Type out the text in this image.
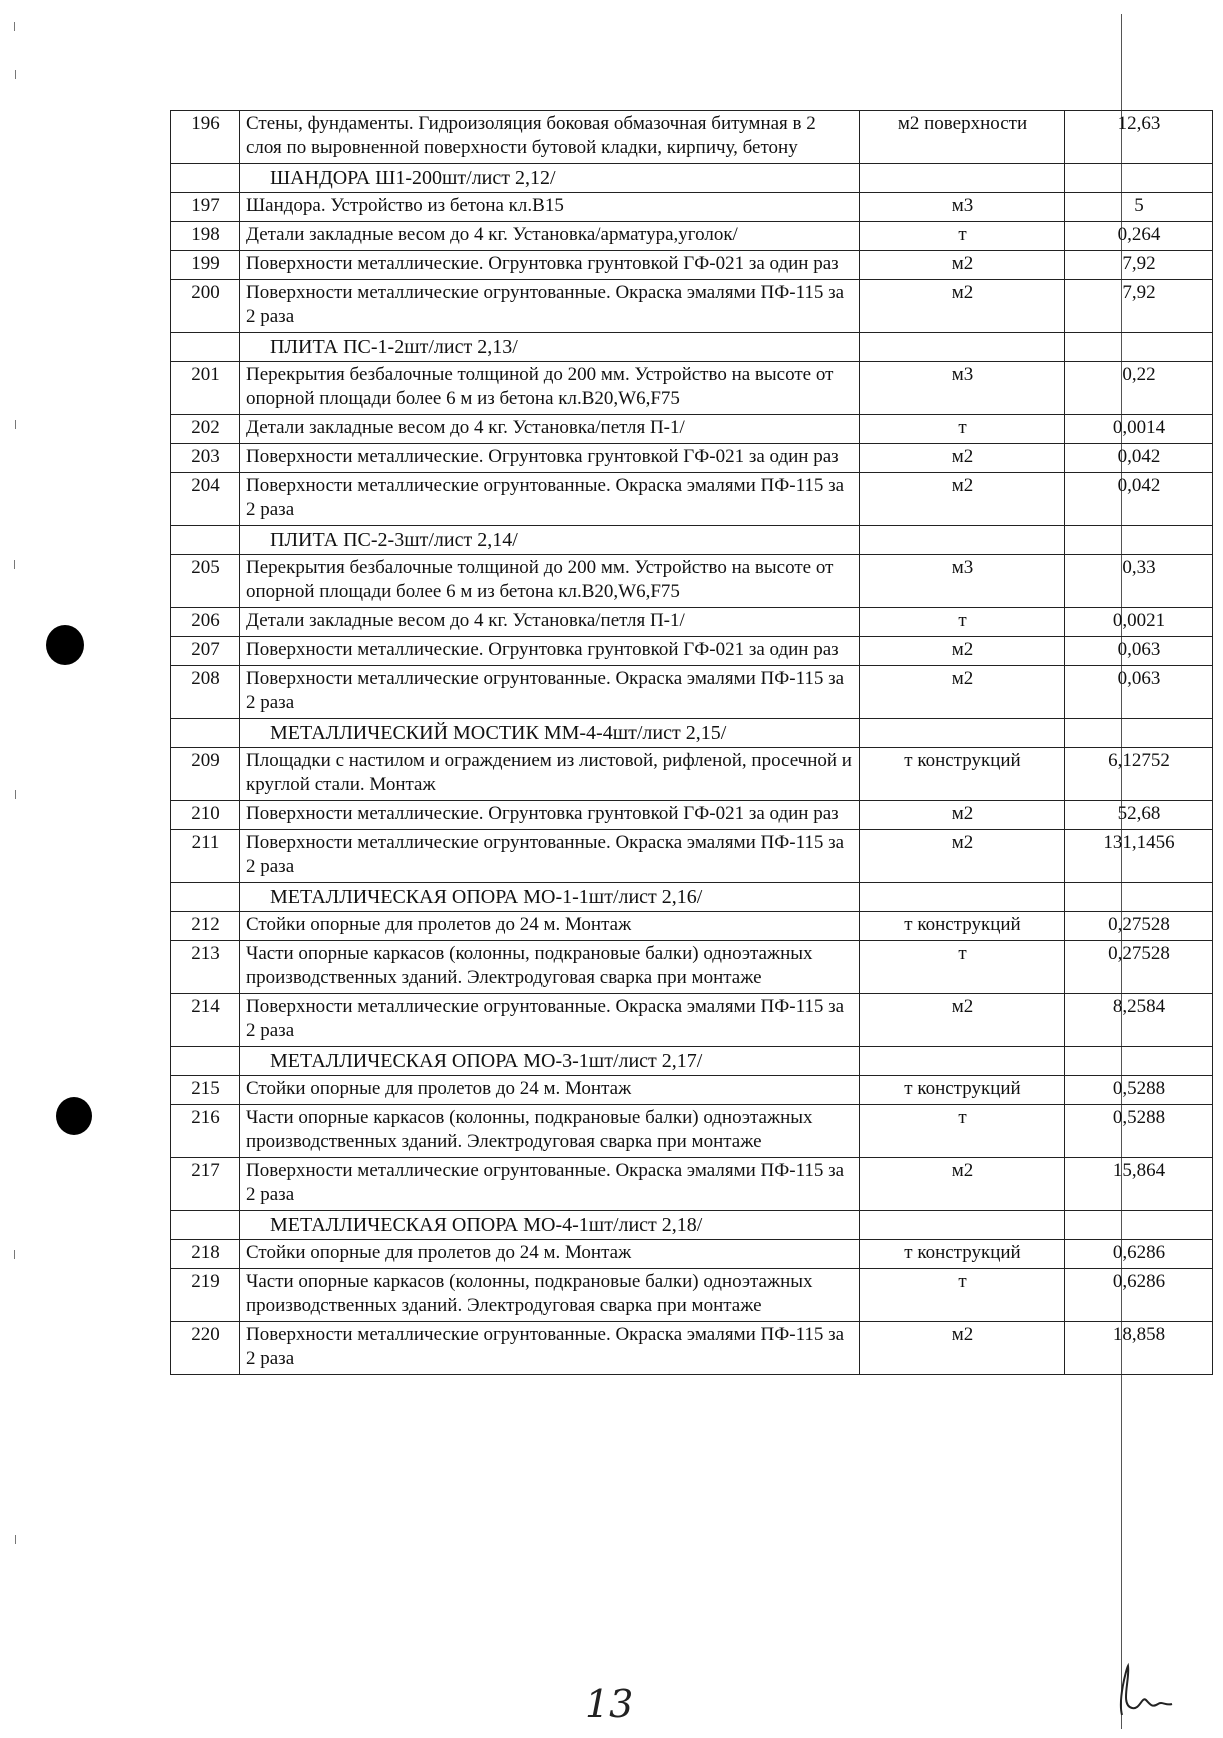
196	Стены, фундаменты. Гидроизоляция боковая обмазочная битумная в 2 слоя по выровненной поверхности бутовой кладки, кирпичу, бетону	м2 поверхности	12,63
	ШАНДОРА Ш1-200шт/лист 2,12/		
197	Шандора. Устройство из бетона кл.В15	м3	5
198	Детали закладные весом до 4 кг. Установка/арматура,уголок/	т	0,264
199	Поверхности металлические. Огрунтовка грунтовкой ГФ-021 за один раз	м2	7,92
200	Поверхности металлические огрунтованные. Окраска эмалями ПФ-115 за 2 раза	м2	7,92
	ПЛИТА ПС-1-2шт/лист 2,13/		
201	Перекрытия безбалочные толщиной до 200 мм. Устройство на высоте от опорной площади более 6 м из бетона кл.В20,W6,F75	м3	0,22
202	Детали закладные весом до 4 кг. Установка/петля П-1/	т	0,0014
203	Поверхности металлические. Огрунтовка грунтовкой ГФ-021 за один раз	м2	0,042
204	Поверхности металлические огрунтованные. Окраска эмалями ПФ-115 за 2 раза	м2	0,042
	ПЛИТА ПС-2-3шт/лист 2,14/		
205	Перекрытия безбалочные толщиной до 200 мм. Устройство на высоте от опорной площади более 6 м из бетона кл.В20,W6,F75	м3	0,33
206	Детали закладные весом до 4 кг. Установка/петля П-1/	т	0,0021
207	Поверхности металлические. Огрунтовка грунтовкой ГФ-021 за один раз	м2	0,063
208	Поверхности металлические огрунтованные. Окраска эмалями ПФ-115 за 2 раза	м2	0,063
	МЕТАЛЛИЧЕСКИЙ МОСТИК ММ-4-4шт/лист 2,15/		
209	Площадки с настилом и ограждением из листовой, рифленой, просечной и круглой стали. Монтаж	т конструкций	6,12752
210	Поверхности металлические. Огрунтовка грунтовкой ГФ-021 за один раз	м2	52,68
211	Поверхности металлические огрунтованные. Окраска эмалями ПФ-115 за 2 раза	м2	131,1456
	МЕТАЛЛИЧЕСКАЯ ОПОРА МО-1-1шт/лист 2,16/		
212	Стойки опорные для пролетов до 24 м. Монтаж	т конструкций	0,27528
213	Части опорные каркасов (колонны, подкрановые балки) одноэтажных производственных зданий. Электродуговая сварка при монтаже	т	0,27528
214	Поверхности металлические огрунтованные. Окраска эмалями ПФ-115 за 2 раза	м2	8,2584
	МЕТАЛЛИЧЕСКАЯ ОПОРА МО-3-1шт/лист 2,17/		
215	Стойки опорные для пролетов до 24 м. Монтаж	т конструкций	0,5288
216	Части опорные каркасов (колонны, подкрановые балки) одноэтажных производственных зданий. Электродуговая сварка при монтаже	т	0,5288
217	Поверхности металлические огрунтованные. Окраска эмалями ПФ-115 за 2 раза	м2	15,864
	МЕТАЛЛИЧЕСКАЯ ОПОРА МО-4-1шт/лист 2,18/		
218	Стойки опорные для пролетов до 24 м. Монтаж	т конструкций	0,6286
219	Части опорные каркасов (колонны, подкрановые балки) одноэтажных производственных зданий. Электродуговая сварка при монтаже	т	0,6286
220	Поверхности металлические огрунтованные. Окраска эмалями ПФ-115 за 2 раза	м2	18,858
13
